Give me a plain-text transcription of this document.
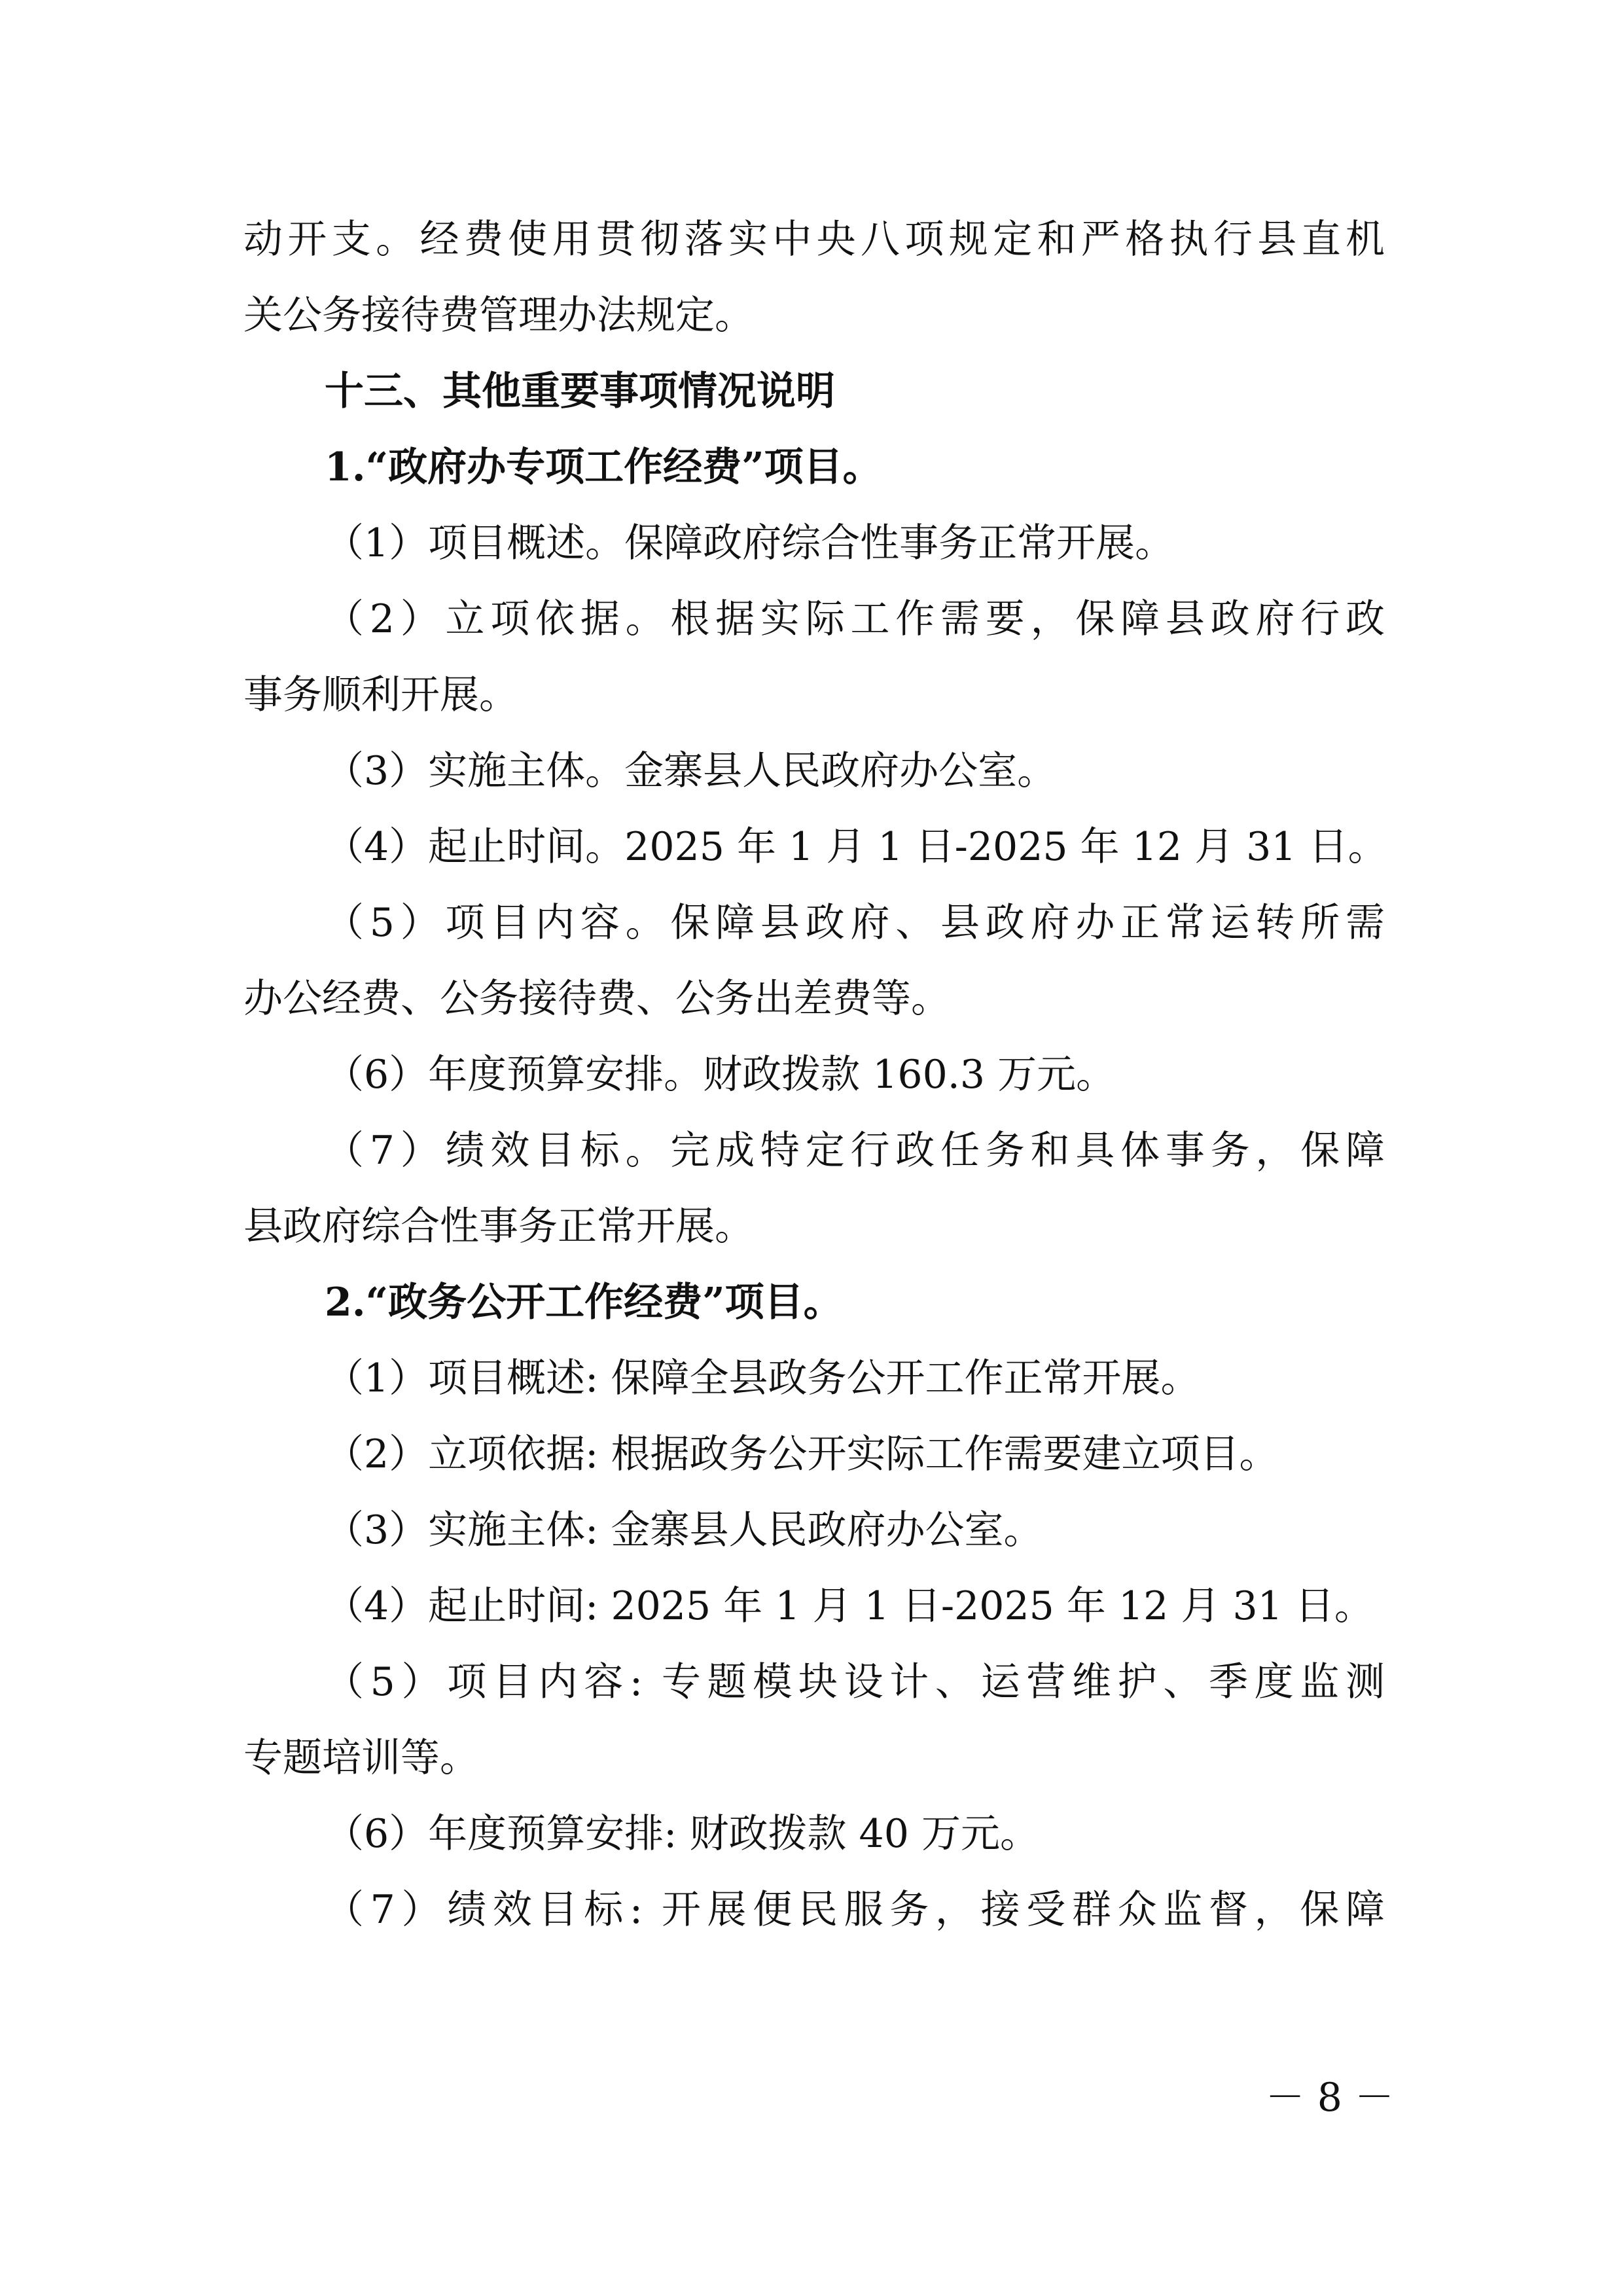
动开支。经费使用贯彻落实中央八项规定和严格执行县直机
关公务接待费管理办法规定。
十三、其他重要事项情况说明
1.“政府办专项工作经费”项目。
（1）项目概述。保障政府综合性事务正常开展。
（2）立项依据。根据实际工作需要，保障县政府行政
事务顺利开展。
（3）实施主体。金寨县人民政府办公室。
（4）起止时间。2025 年 1 月 1 日-2025 年 12 月 31 日。
（5）项目内容。保障县政府、县政府办正常运转所需
办公经费、公务接待费、公务出差费等。
（6）年度预算安排。财政拨款 160.3 万元。
（7）绩效目标。完成特定行政任务和具体事务，保障
县政府综合性事务正常开展。
2.“政务公开工作经费”项目。
（1）项目概述: 保障全县政务公开工作正常开展。
（2）立项依据: 根据政务公开实际工作需要建立项目。
（3）实施主体: 金寨县人民政府办公室。
（4）起止时间: 2025 年 1 月 1 日-2025 年 12 月 31 日。
（5）项目内容: 专题模块设计、运营维护、季度监测
专题培训等。
（6）年度预算安排: 财政拨款 40 万元。
（7）绩效目标: 开展便民服务，接受群众监督，保障
－ 8 －
